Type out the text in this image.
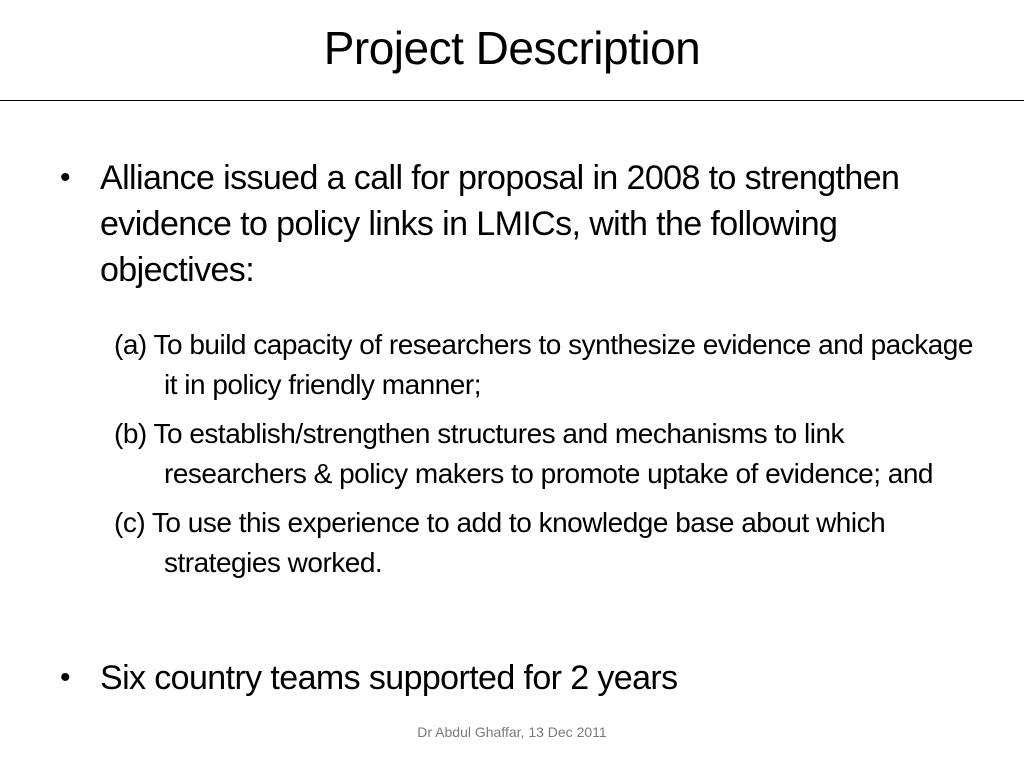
Project Description
• Alliance issued a call for proposal in 2008 to strengthen evidence to policy links in LMICs, with the following objectives:
(a) To build capacity of researchers to synthesize evidence and package it in policy friendly manner;
(b) To establish/strengthen structures and mechanisms to link researchers & policy makers to promote uptake of evidence; and
(c) To use this experience to add to knowledge base about which strategies worked.
• Six country teams supported for 2 years
Dr Abdul Ghaffar, 13 Dec 2011
